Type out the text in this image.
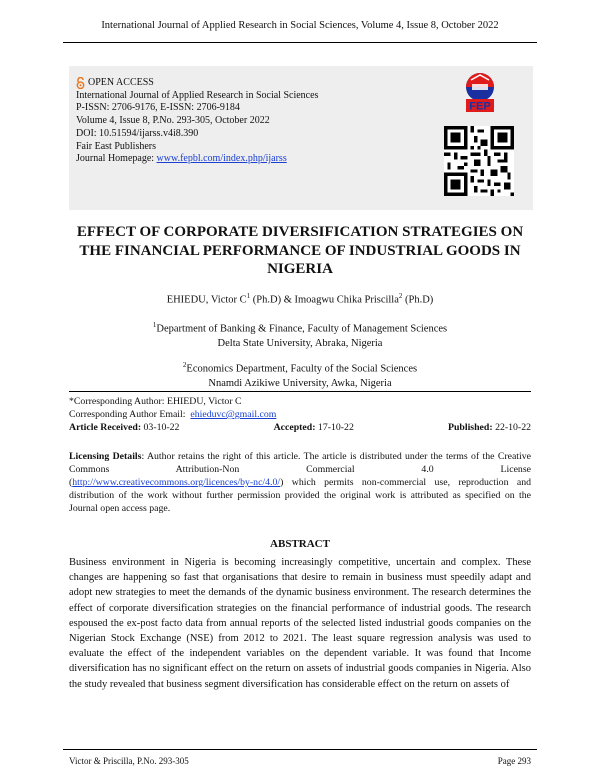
International Journal of Applied Research in Social Sciences, Volume 4, Issue 8, October 2022
OPEN ACCESS
International Journal of Applied Research in Social Sciences
P-ISSN: 2706-9176, E-ISSN: 2706-9184
Volume 4, Issue 8, P.No. 293-305, October 2022
DOI: 10.51594/ijarss.v4i8.390
Fair East Publishers
Journal Homepage: www.fepbl.com/index.php/ijarss
FEP
EFFECT OF CORPORATE DIVERSIFICATION STRATEGIES ON THE FINANCIAL PERFORMANCE OF INDUSTRIAL GOODS IN NIGERIA
EHIEDU, Victor $C^1$ (Ph.D) & Imoagwu Chika Priscilla$^2$ (Ph.D)
$^1$Department of Banking & Finance, Faculty of Management Sciences
Delta State University, Abraka, Nigeria
$^2$Economics Department, Faculty of the Social Sciences
Nnamdi Azikiwe University, Awka, Nigeria
*Corresponding Author: EHIEDU, Victor C
Corresponding Author Email:
ehieduvc@gmail.com
Article Received: 03-10-22	Accepted: 17-10-22	Published: 22-10-22
Licensing Details: Author retains the right of this article. The article is distributed under the terms of the Creative Commons Attribution-Non Commercial 4.0 License
(http://www.creativecommons.org/licences/by-nc/4.0/) which permits non-commercial use, reproduction and distribution of the work without further permission provided the original work is attributed as specified on the Journal open access page.
ABSTRACT
Business environment in Nigeria is becoming increasingly competitive, uncertain and complex. These changes are happening so fast that organisations that desire to remain in business must speedily adapt and adopt new strategies to meet the demands of the dynamic business environment. The research determines the effect of corporate diversification strategies on the financial performance of industrial goods. The research espoused the ex-post facto data from annual reports of the selected listed industrial goods companies on the Nigerian Stock Exchange (NSE) from 2012 to 2021. The least square regression analysis was used to evaluate the effect of the independent variables on the dependent variable. It was found that Income diversification has no significant effect on the return on assets of industrial goods companies in Nigeria. Also the study revealed that business segment diversification has considerable effect on the return on assets of
Victor & Priscilla, P.No. 293-305	Page 293
